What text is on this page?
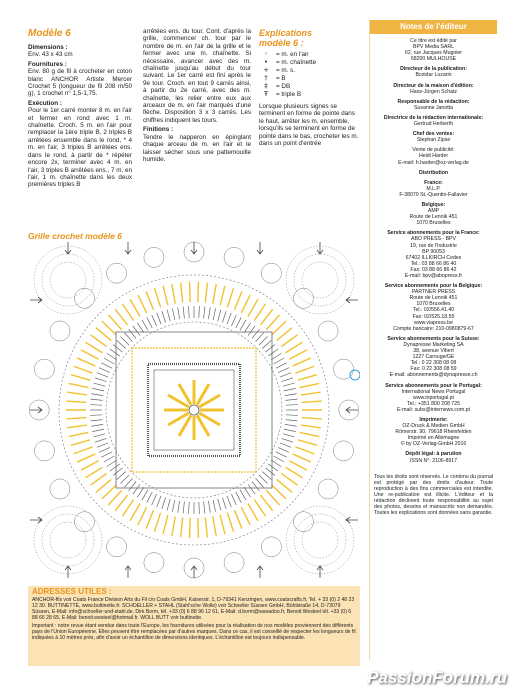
Modèle 6
Dimensions :
Env. 43 x 43 cm
Fournitures :
Env. 80 g de fil à crocheter en coton blanc ANCHOR Artiste Mercer Crochet 5 (longueur de fil 208 m/50 g), 1 crochet n° 1,5-1,75.
Exécution :
Pour le 1er carré monter 8 m. en l'air et fermer en rond avec 1 m. chaînette. Croch. 5 m. en l'air pour remplacer la 1ère triple B, 2 triples B arrêtées ensemble dans le rond, * 4 m. en l'air, 3 triples B arrêtées ens. dans le rond, à partir de * répéter encore 2x, terminer avec 4 m. en l'air, 3 triples B arrêtées ens., 7 m. en l'air, 1 m. chaînette dans les deux premières triples B
arrêtées ens. du tour. Cont. d'après la grille, commencer ch. tour par le nombre de m. en l'air de la grille et le fermer avec une m. chaînette. Si nécessaire, avancer avec des m. chaînette jusqu'au début du tour suivant. Le 1er carré est fini après le 9e tour. Croch. en tout 9 carrés ainsi, à partir du 2e carré, avec des m. chaînette, les relier entre eux aux arceaux de m. en l'air marqués d'une flèche. Disposition 3 x 3 carrés. Les chiffres indiquent les tours.
Finitions :
Tendre le napperon en épinglant chaque arceau de m. en l'air et le laisser sécher sous une pattemouille humide.
Explications
modèle 6 :
◦	= m. en l'air
•	= m. chaînette
+	= m. s.
†	= B
‡	= DB
Ŧ	= triple B
Lorsque plusieurs signes se terminent en forme de pointe dans le haut, arrêter les m. ensemble, lorsqu'ils se terminent en forme de pointe dans le bas, crocheter les m. dans un point d'entrée
Grille crochet modèle 6
Notes de l'éditeur
Ce titre est édité par
BPV Media SARL
62, rue Jacques Mugnier
68200 MULHOUSE
Directeur de la publication:
Bozidar Luzarin
Directeur de la maison d'édition:
Hans-Jürgen Schatz
Responsable de la rédaction:
Susanne Janotta
Directrice de la rédaction internationale:
Gertrud Herberth
Chef des ventes:
Stephan Zipse
Vente de publicité:
Heidi Harder
E-mail: h.harder@oz-verlag.de
Distribution
France:
M.L.P.
F-38070 St.-Quentin-Fallavier
Belgique:
AMP
Route de Lennik 451
1070 Bruxelles
Service abonnements pour la France:
ABO PRESS - BPV
19, rue de l'Industrie
BP 90053
67402 ILLKIRCH Cedex
Tel.: 03 88 66 86 40
Fax: 03 88 66 86 42
E-mail: bpv@abopress.fr
Service abonnements pour la Belgique:
PARTNER PRESS
Route de Lennik 451
1070 Bruxelles
Tel.: 02/556.41.40
Fax: 02/525.18.55
www.viapress.be
Compte bancaire: 210-0980879-67
Service abonnements pour la Suisse:
Dynapresse Marketing SA
38, avenue Vibert
1227 Carouge/GE
Tel.: 0 22 308 08 08
Fax: 0 22 308 08 59
E-mail: abonnements@dynapresse.ch
Service abonnements pour le Portugal:
International News Portugal
www.inportugal.pt
Tel.: +351 800 208 725
E-mail: subs@internews.com.pt
Imprimerie:
OZ-Druck & Medien GmbH
Römerstr. 90, 79618 Rheinfelden
Imprimé en Allemagne
© by OZ-Verlag-GmbH 2016
Dépôt légal: à parution
ISSN N°: 2106-8917
Tous les droits sont réservés. Le contenu du journal est protégé par des droits d'auteur. Toute reproduction à des fins commerciales est interdite. Une re-publication est illicite. L'éditeur et la rédaction déclinent toute responsabilité au sujet des photos, dessins et manuscrits non demandés. Toutes les explications sont données sans garantie.
ADRESSES UTILES :
ANCHOR-fils voir Coats France Division Arts du Fil c/o Coats GmbH, Kaiserstr. 1, D-79341 Kenzingen, www.coatscrafts.fr, Tel. + 33 (0) 2 48 23 12 30. BUTTINETTE, www.buttinette.fr. SCHOELLER + STAHL (Stahl'sche Wolle) voir Schoeller Süssen GmbH, Bühlstraße 14, D-73079 Süssen, E-Mail: info@schoeller-und-stahl.de, Dirk Borm, tél. +33 (0) 6 88 96 12 61, E-Mail: d.borm@wanadoo.fr, Benoit Westeel tél. +33 (0) 6 88 66 28 65, E-Mail: benoit.westeel@hotmail.fr. WOLL BUTT voir buttinette.
Important : notre revue étant vendue dans toute l'Europe, les fournitures utilisées pour la réalisation de nos modèles proviennent des différents pays de l'Union Européenne. Elles peuvent être remplacées par d'autres marques. Dans ce cas, il est conseillé de respecter les longueurs de fil indiquées à 10 mètres près, afin d'avoir un échantillon de dimensions identiques. L'échantillon est toujours indispensable.
PassionForum.ru
